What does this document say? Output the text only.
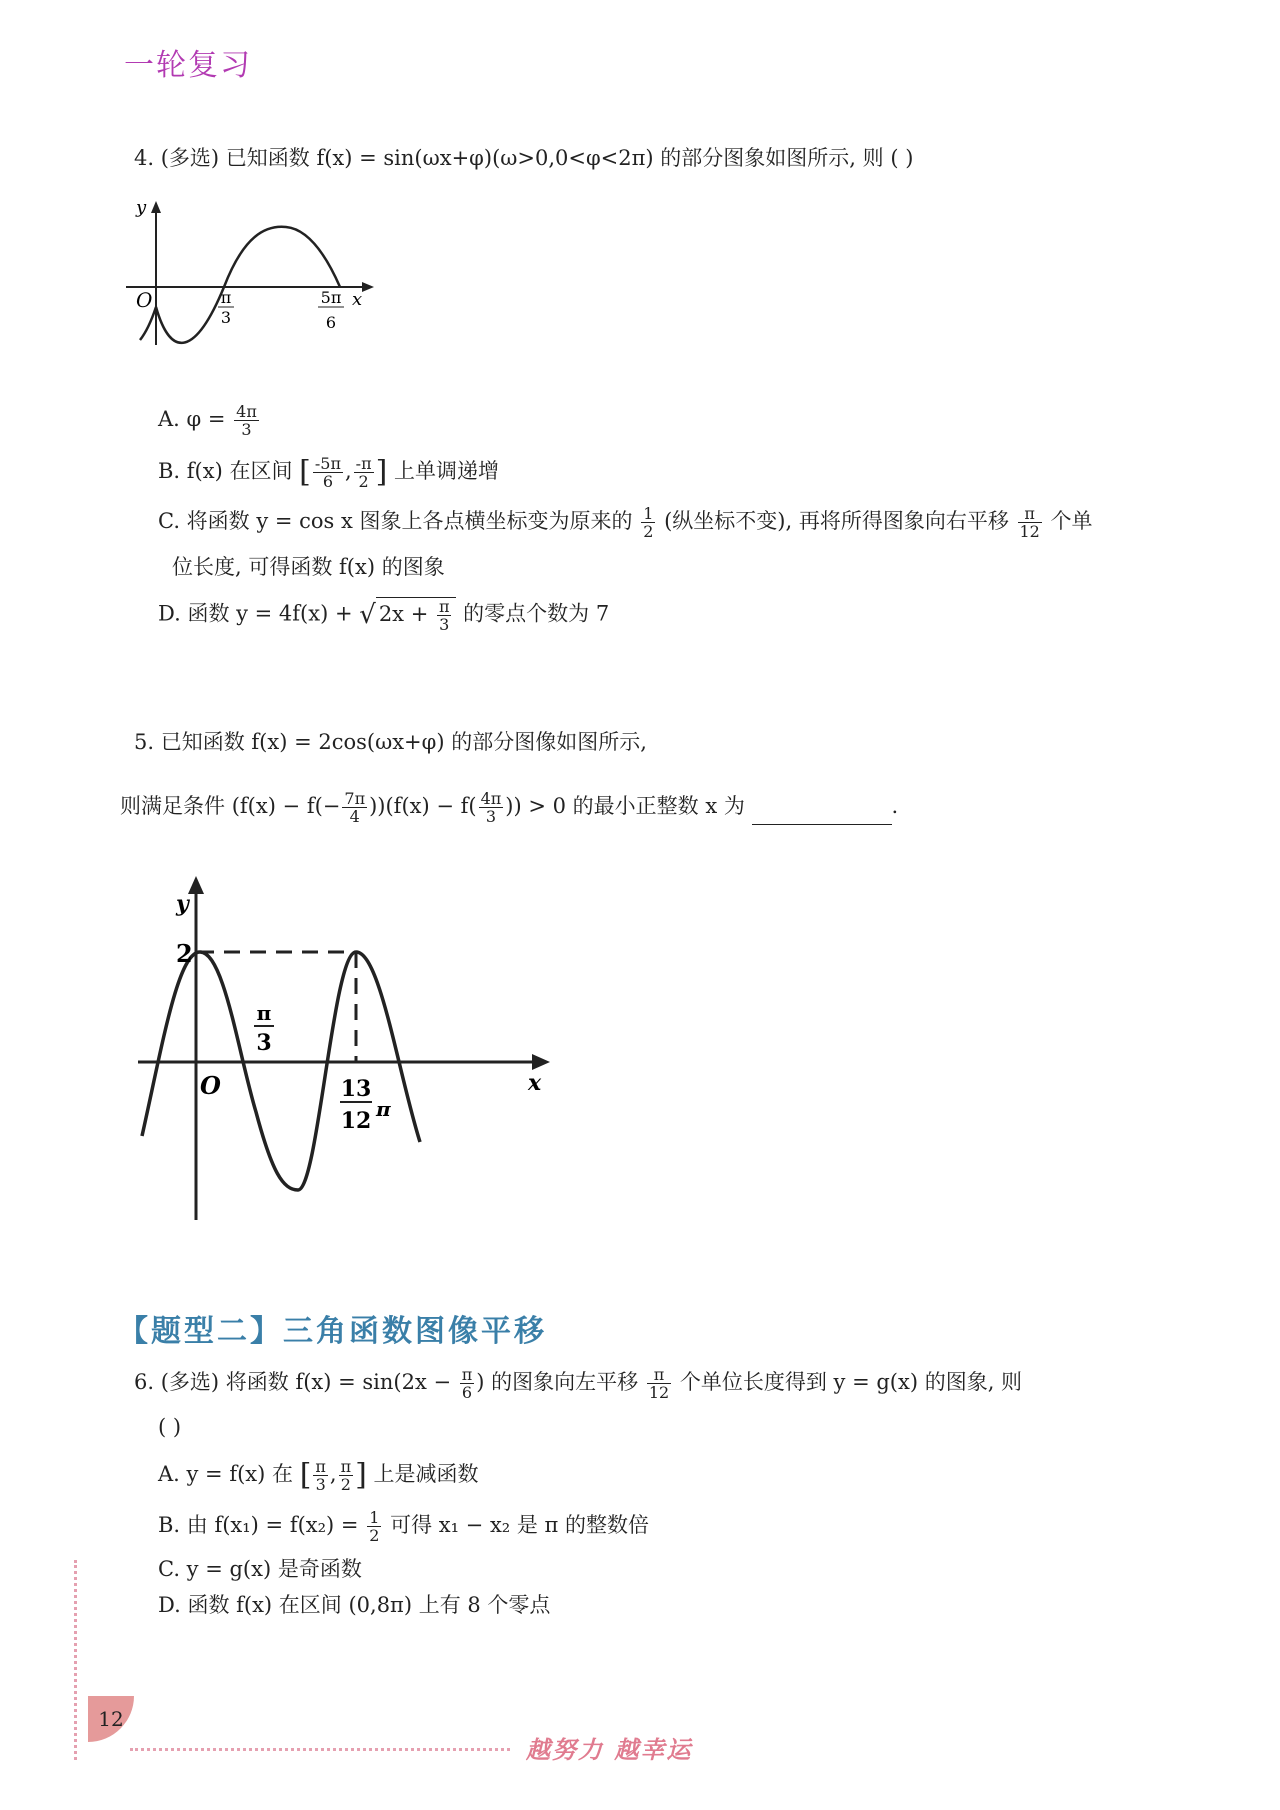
一轮复习
4. (多选) 已知函数 f(x) = sin(ωx+φ)(ω>0,0<φ<2π) 的部分图象如图所示, 则 ( )
y
x
O	π
3
5π
6
A. $\varphi = \frac{4\pi}{3}$
B. f(x) 在区间 [ $\frac{-5\pi}{6}$ , $\frac{-\pi}{2}$ ] 上单调递增
C. 将函数 y = cos x 图象上各点横坐标变为原来的 $\frac{1}{2}$ (纵坐标不变), 再将所得图象向右平移 $\frac{\pi}{12}$ 个单
位长度, 可得函数 f(x) 的图象
D. 函数 y = 4f(x) + √ $2x + \frac{\pi}{3}$ 的零点个数为 7
5. 已知函数 f(x) = 2cos(ωx+φ) 的部分图像如图所示,
则满足条件 $(f(x) - f(- \frac{7\pi}{4} ))(f(x) - f( \frac{4\pi}{3}$ )) > 0 的最小正整数 x 为	.
y
x
O
2
π
3
13
12 π
【题型二】三角函数图像平移
6. (多选) 将函数 $f(x) = \sin(2x - \frac{\pi}{6}$ ) 的图象向左平移 $\frac{\pi}{12}$ 个单位长度得到 y = g(x) 的图象, 则
( )
A. y = f(x) 在 [ $\frac{\pi}{3}$ , $\frac{\pi}{2}$ ] 上是减函数
B. 由 $f(x_1) = f(x_2) = \frac{1}{2}$ 可得 x₁ − x₂ 是 π 的整数倍
C. y = g(x) 是奇函数
D. 函数 f(x) 在区间 (0,8π) 上有 8 个零点
12
越努力 越幸运
